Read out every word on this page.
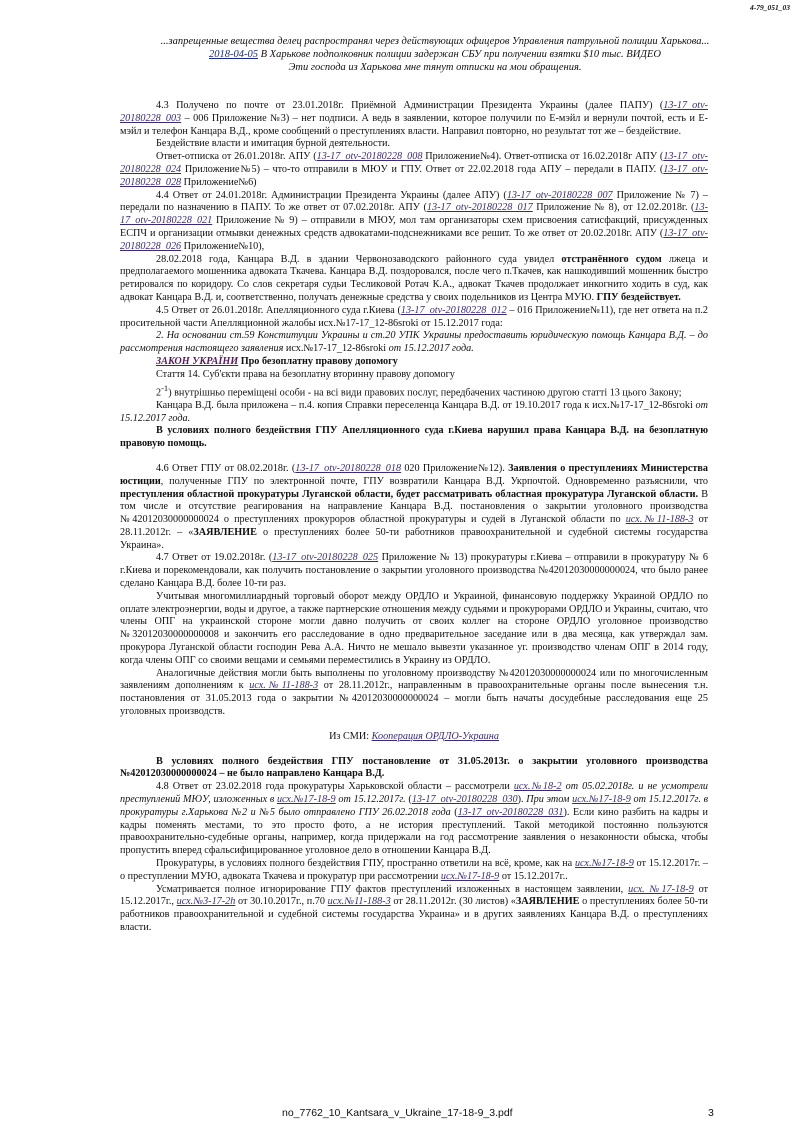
4-79_051_03
...запрещенные вещества делец распространял через действующих офицеров Управления патрульной полиции Харькова...
2018-04-05 В Харькове подполковник полиции задержан СБУ при получении взятки $10 тыс. ВИДЕО
Эти господа из Харькова мне тянут отписки на мои обращения.

4.3 Получено по почте от 23.01.2018г. Приёмной Администрации Президента Украины (далее ПАПУ) (13-17_otv-20180228_003 – 006 Приложение №3) – нет подписи. А ведь в заявлении, которое получили по Е-мэйл и вернули почтой, есть и Е-мэйл и телефон Канцара В.Д., кроме сообщений о преступлениях власти. Направил повторно, но результат тот же – бездействие.

Бездействие власти и имитация бурной деятельности.

Ответ-отписка от 26.01.2018г. АПУ (13-17_otv-20180228_008 Приложение№4). Ответ-отписка от 16.02.2018г АПУ (13-17_otv-20180228_024 Приложение№5) – что-то отправили в МЮУ и ГПУ. Ответ от 22.02.2018 года АПУ – передали в ПАПУ. (13-17_otv-20180228_028 Приложение№6)

4.4 Ответ от 24.01.2018г. Администрации Президента Украины (далее АПУ) (13-17_otv-20180228_007 Приложение № 7) – передали по назначению в ПАПУ. То же ответ от 07.02.2018г. АПУ (13-17_otv-20180228_017 Приложение № 8), от 12.02.2018г. (13-17_otv-20180228_021 Приложение № 9) – отправили в МЮУ, мол там организаторы схем присвоения сатисфакций, присужденных ЕСПЧ и организации отмывки денежных средств адвокатами-подснежниками все решит. То же ответ от 20.02.2018г. АПУ (13-17_otv-20180228_026 Приложение№10),

28.02.2018 года, Канцара В.Д. в здании Червонозаводского районного суда увидел отстранённого судом лжеца и предполагаемого мошенника адвоката Ткачева. Канцара В.Д. поздоровался, после чего п.Ткачев, как нашкодивший мошенник быстро ретировался по коридору. Со слов секретаря судьи Тесликовой Ротач К.А., адвокат Ткачев продолжает инкогнито ходить в суд, как адвокат Канцара В.Д. и, соответственно, получать денежные средства у своих подельников из Центра МУЮ. ГПУ бездействует.

4.5 Ответ от 26.01.2018г. Апелляционного суда г.Киева (13-17_otv-20180228_012 – 016 Приложение№11), где нет ответа на п.2 просительной части Апелляционной жалобы исх.№17-17_12-86sroki от 15.12.2017 года:

2. На основании ст.59 Конституции Украины и ст.20 УПК Украины предоставить юридическую помощь Канцара В.Д. – до рассмотрения настоящего заявления исх.№17-17_12-86sroki от 15.12.2017 года.

ЗАКОН УКРАЇНИ Про безоплатну правову допомогу

Стаття 14. Суб'єкти права на безоплатну вторинну правову допомогу

$2^{-1}$) внутрішньо переміщені особи - на всі види правових послуг, передбачених частиною другою статті 13 цього Закону;

Канцара В.Д. была приложена – п.4. копия Справки переселенца Канцара В.Д. от 19.10.2017 года к исх.№17-17_12-86sroki от 15.12.2017 года.

В условиях полного бездействия ГПУ Апелляционного суда г.Киева нарушил права Канцара В.Д. на безоплатную правовую помощь.

4.6 Ответ ГПУ от 08.02.2018г. (13-17_otv-20180228_018 020 Приложение№12). Заявления о преступлениях Министерства юстиции, полученные ГПУ по электронной почте, ГПУ возвратили Канцара В.Д. Укрпочтой. Одновременно разъяснили, что преступления областной прокуратуры Луганской области, будет рассматривать областная прокуратура Луганской области. В том числе и отсутствие реагирования на направление Канцара В.Д. постановления о закрытии уголовного производства №42012030000000024 о преступлениях прокуроров областной прокуратуры и судей в Луганской области по исх.№11-188-3 от 28.11.2012г. – «ЗАЯВЛЕНИЕ о преступлениях более 50-ти работников правоохранительной и судебной системы государства Украина».

4.7 Ответ от 19.02.2018г. (13-17_otv-20180228_025 Приложение № 13) прокуратуры г.Киева – отправили в прокуратуру № 6 г.Киева и порекомендовали, как получить постановление о закрытии уголовного производства №42012030000000024, что было ранее сделано Канцара В.Д. более 10-ти раз.

Учитывая многомиллиардный торговый оборот между ОРДЛО и Украиной, финансовую поддержку Украиной ОРДЛО по оплате электроэнергии, воды и другое, а также партнерские отношения между судьями и прокурорами ОРДЛО и Украины, считаю, что члены ОПГ на украинской стороне могли давно получить от своих коллег на стороне ОРДЛО уголовное производство №32012030000000008 и закончить его расследование в одно предварительное заседание или в два месяца, как утверждал зам. прокурора Луганской области господин Рева А.А. Ничто не мешало вывезти указанное уг. производство членам ОПГ в 2014 году, когда члены ОПГ со своими вещами и семьями переместились в Украину из ОРДЛО.

Аналогичные действия могли быть выполнены по уголовному производству №42012030000000024 или по многочисленным заявлениям дополнениям к исх.№11-188-3 от 28.11.2012г., направленным в правоохранительные органы после вынесения т.н. постановления от 31.05.2013 года о закрытии №42012030000000024 – могли быть начаты досудебные расследования еще 25 уголовных производств.

Из СМИ: Кооперация ОРДЛО-Украина

В условиях полного бездействия ГПУ постановление от 31.05.2013г. о закрытии уголовного производства №42012030000000024 – не было направлено Канцара В.Д.

4.8 Ответ от 23.02.2018 года прокуратуры Харьковской области – рассмотрели исх.№18-2 от 05.02.2018г. и не усмотрели преступлений МЮУ, изложенных в исх.№17-18-9 от 15.12.2017г. (13-17_otv-20180228_030). При этом исх.№17-18-9 от 15.12.2017г. в прокуратуры г.Харькова №2 и №5 было отправлено ГПУ 26.02.2018 года (13-17_otv-20180228_031). Если кино разбить на кадры и кадры поменять местами, то это просто фото, а не история преступлений. Такой методикой постоянно пользуются правоохранительно-судебные органы, например, когда придержали на год рассмотрение заявления о незаконности обыска, чтобы пропустить вперед сфальсифицированное уголовное дело в отношении Канцара В.Д.

Прокуратуры, в условиях полного бездействия ГПУ, пространно ответили на всё, кроме, как на исх.№17-18-9 от 15.12.2017г. – о преступлении МУЮ, адвоката Ткачева и прокуратур при рассмотрении исх.№17-18-9 от 15.12.2017г..

Усматривается полное игнорирование ГПУ фактов преступлений изложенных в настоящем заявлении, исх. №17-18-9 от 15.12.2017г., исх.№3-17-2h от 30.10.2017г., п.70 исх.№11-188-3 от 28.11.2012г. (30 листов) «ЗАЯВЛЕНИЕ о преступлениях более 50-ти работников правоохранительной и судебной системы государства Украина» и в других заявлениях Канцара В.Д. о преступлениях власти.

no_7762_10_Kantsara_v_Ukraine_17-18-9_3.pdf	3
